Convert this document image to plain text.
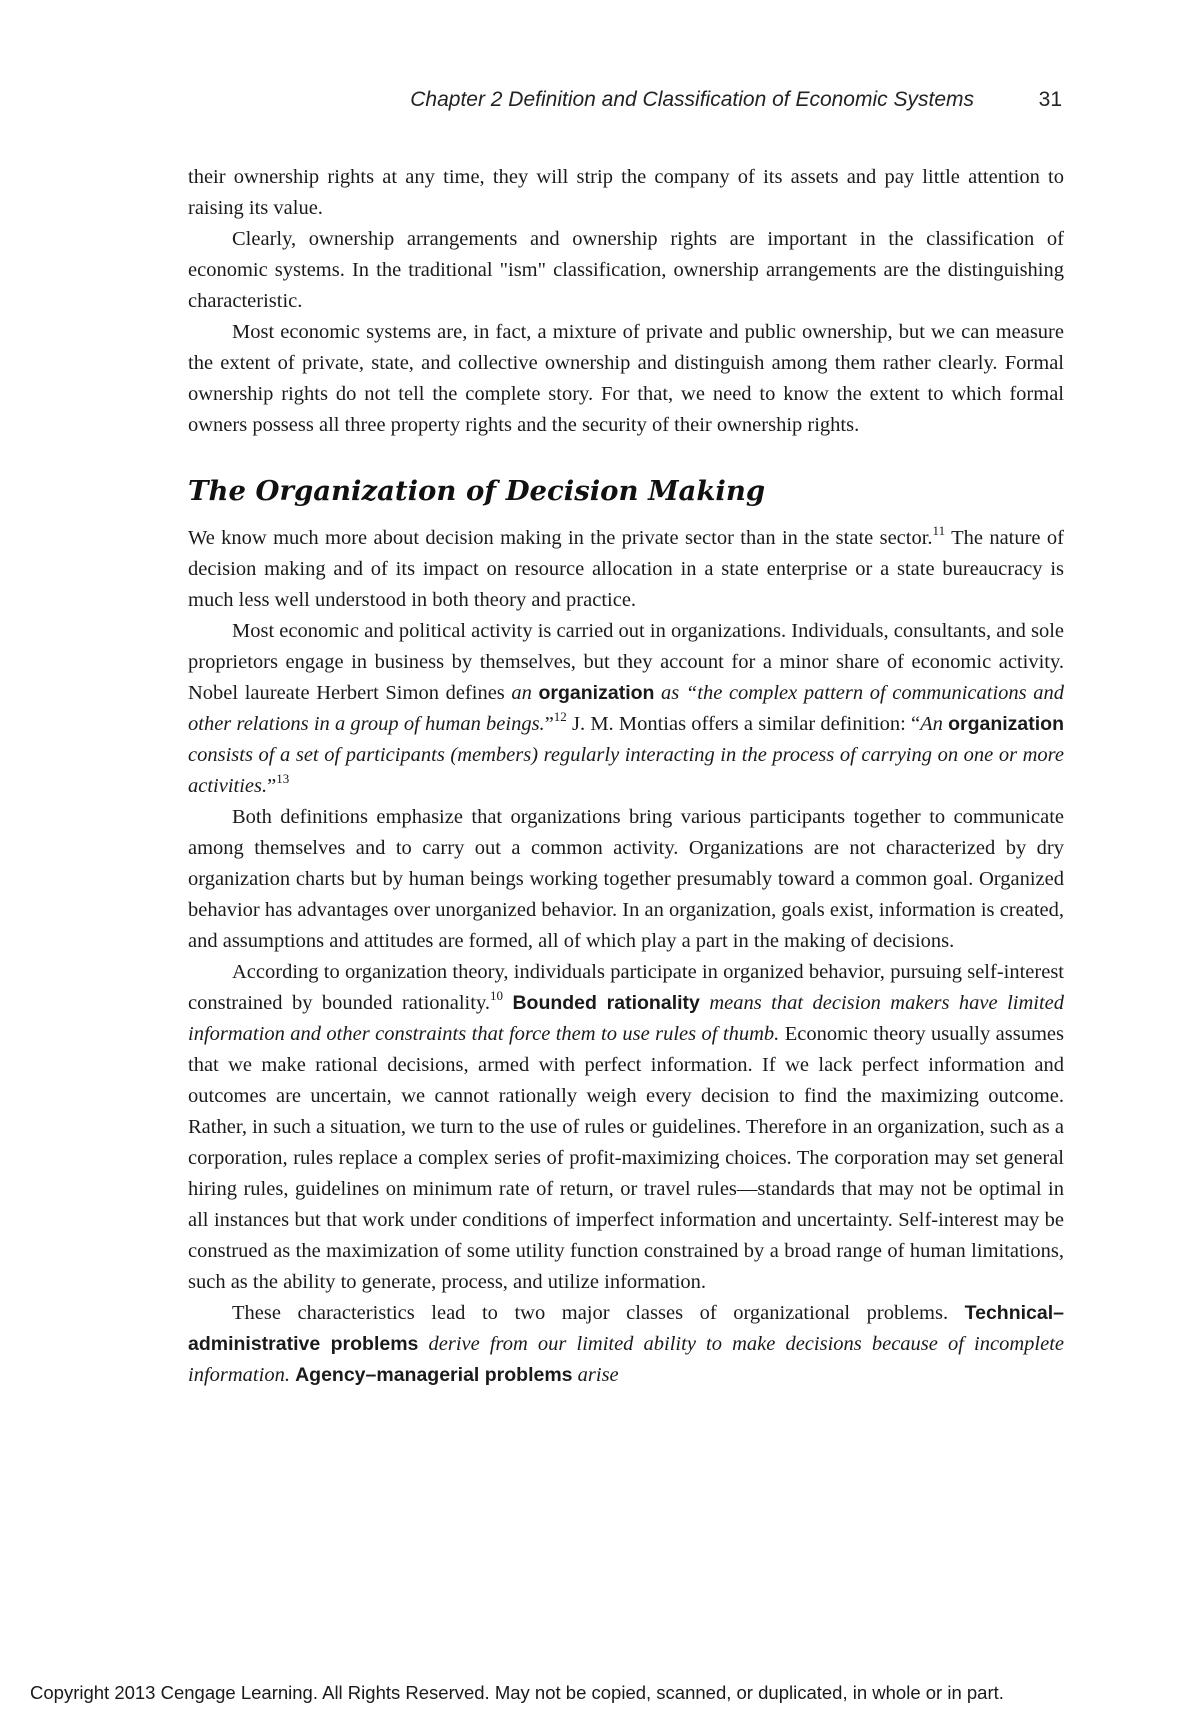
Chapter 2 Definition and Classification of Economic Systems	31

their ownership rights at any time, they will strip the company of its assets and pay little attention to raising its value.

Clearly, ownership arrangements and ownership rights are important in the classification of economic systems. In the traditional "ism" classification, ownership arrangements are the distinguishing characteristic.

Most economic systems are, in fact, a mixture of private and public ownership, but we can measure the extent of private, state, and collective ownership and distinguish among them rather clearly. Formal ownership rights do not tell the complete story. For that, we need to know the extent to which formal owners possess all three property rights and the security of their ownership rights.

The Organization of Decision Making

We know much more about decision making in the private sector than in the state sector.$^{11}$ The nature of decision making and of its impact on resource allocation in a state enterprise or a state bureaucracy is much less well understood in both theory and practice.

Most economic and political activity is carried out in organizations. Individuals, consultants, and sole proprietors engage in business by themselves, but they account for a minor share of economic activity. Nobel laureate Herbert Simon defines an organization as “the complex pattern of communications and other relations in a group of human beings.”$^{12}$ J. M. Montias offers a similar definition: “An organization consists of a set of participants (members) regularly interacting in the process of carrying on one or more activities.”$^{13}$

Both definitions emphasize that organizations bring various participants together to communicate among themselves and to carry out a common activity. Organizations are not characterized by dry organization charts but by human beings working together presumably toward a common goal. Organized behavior has advantages over unorganized behavior. In an organization, goals exist, information is created, and assumptions and attitudes are formed, all of which play a part in the making of decisions.

According to organization theory, individuals participate in organized behavior, pursuing self-interest constrained by bounded rationality.$^{10}$ Bounded rationality means that decision makers have limited information and other constraints that force them to use rules of thumb. Economic theory usually assumes that we make rational decisions, armed with perfect information. If we lack perfect information and outcomes are uncertain, we cannot rationally weigh every decision to find the maximizing outcome. Rather, in such a situation, we turn to the use of rules or guidelines. Therefore in an organization, such as a corporation, rules replace a complex series of profit-maximizing choices. The corporation may set general hiring rules, guidelines on minimum rate of return, or travel rules—standards that may not be optimal in all instances but that work under conditions of imperfect information and uncertainty. Self-interest may be construed as the maximization of some utility function constrained by a broad range of human limitations, such as the ability to generate, process, and utilize information.

These characteristics lead to two major classes of organizational problems. Technical–administrative problems derive from our limited ability to make decisions because of incomplete information. Agency–managerial problems arise

Copyright 2013 Cengage Learning. All Rights Reserved. May not be copied, scanned, or duplicated, in whole or in part.
